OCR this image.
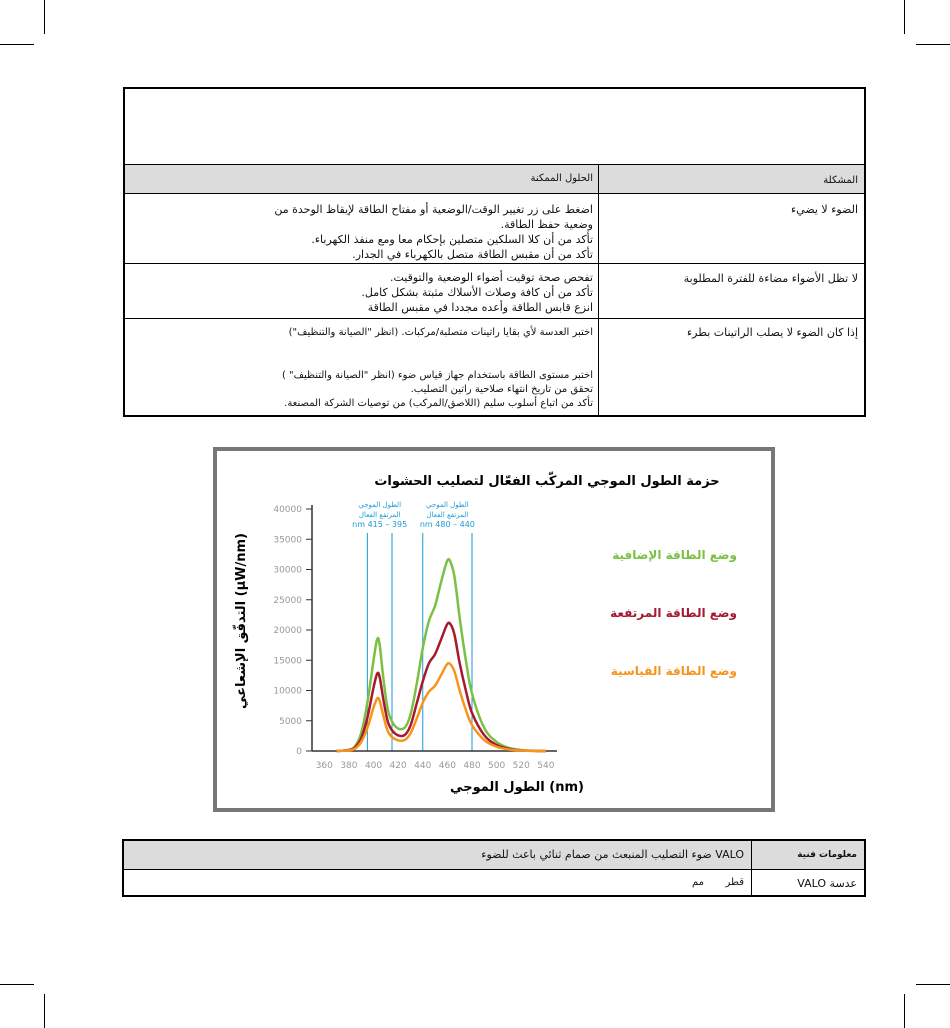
المشكلة
الحلول الممكنة
الضوء لا يضيء
اضغط على زر تغيير الوقت/الوضعية أو مفتاح الطاقة لإيقاظ الوحدة من
وضعية حفظ الطاقة.
تأكد من أن كلا السلكين متصلين بإحكام معا ومع منفذ الكهرباء.
تأكد من أن مقبس الطاقة متصل بالكهرباء في الجدار.
لا تظل الأضواء مضاءة للفترة المطلوبة
تفحص صحة توقيت أضواء الوضعية والتوقيت.
تأكد من أن كافة وصلات الأسلاك مثبتة بشكل كامل.
انزع قابس الطاقة وأعده مجددا في مقبس الطاقة
إذا كان الضوء لا يصلب الراتينات بطرء
اختبر العدسة لأي بقايا راتينات متصلبة/مركبات. (انظر "الصيانة والتنظيف")
اختبر مستوى الطاقة باستخدام جهاز قياس ضوء (انظر "الصيانة والتنظيف" )
تحقق من تاريخ انتهاء صلاحية راتين التصليب.
تأكد من اتباع أسلوب سليم (اللاصق/المركب) من توصيات الشركة المصنعة.
حزمة الطول الموجي المركّب الفعّال لتصليب الحشوات
الطول الموجي
المرتفع الفعال
nm 415 – 395
الطول الموجي
المرتفع الفعال
nm 480 – 440
0
5000
10000
15000
20000
25000
30000
35000
40000
360 380 400 420 440 460 480 500 520 540
وضع الطاقة الإضافية
وضع الطاقة المرتفعة
وضع الطاقة القياسية
الطول الموجي (nm)
التدفّق الإشعاعي (µW/nm)
معلومات فنية
VALO ضوء التصليب المنبعث من صمام ثنائي باعث للضوء
عدسة VALO
قطر
مم
